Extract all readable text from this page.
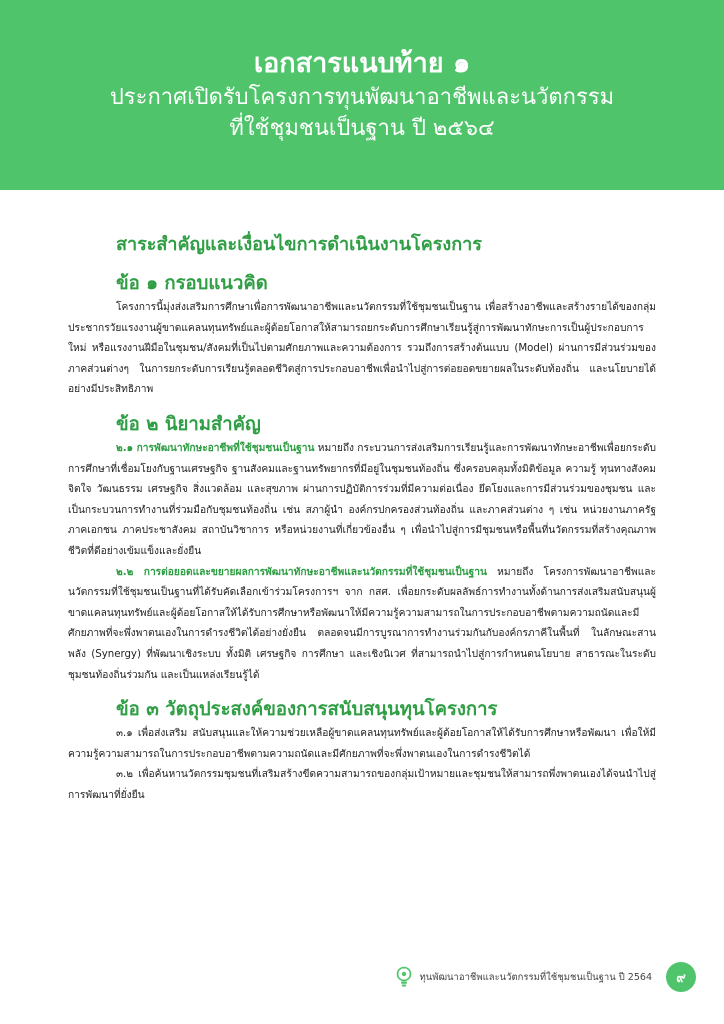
เอกสารแนบท้าย ๑
ประกาศเปิดรับโครงการทุนพัฒนาอาชีพและนวัตกรรม
ที่ใช้ชุมชนเป็นฐาน ปี ๒๕๖๔
สาระสำคัญและเงื่อนไขการดำเนินงานโครงการ
ข้อ ๑ กรอบแนวคิด

โครงการนี้มุ่งส่งเสริมการศึกษาเพื่อการพัฒนาอาชีพและนวัตกรรมที่ใช้ชุมชนเป็นฐาน เพื่อสร้างอาชีพและสร้างรายได้ของกลุ่มประชากรวัยแรงงานผู้ขาดแคลนทุนทรัพย์และผู้ด้อยโอกาสให้สามารถยกระดับการศึกษาเรียนรู้สู่การพัฒนาทักษะการเป็นผู้ประกอบการใหม่ หรือแรงงานฝีมือในชุมชน/สังคมที่เป็นไปตามศักยภาพและความต้องการ รวมถึงการสร้างต้นแบบ (Model) ผ่านการมีส่วนร่วมของภาคส่วนต่างๆ ในการยกระดับการเรียนรู้ตลอดชีวิตสู่การประกอบอาชีพเพื่อนำไปสู่การต่อยอดขยายผลในระดับท้องถิ่น และนโยบายได้อย่างมีประสิทธิภาพ

ข้อ ๒ นิยามสำคัญ

๒.๑ การพัฒนาทักษะอาชีพที่ใช้ชุมชนเป็นฐาน หมายถึง กระบวนการส่งเสริมการเรียนรู้และการพัฒนาทักษะอาชีพเพื่อยกระดับการศึกษาที่เชื่อมโยงกับฐานเศรษฐกิจ ฐานสังคมและฐานทรัพยากรที่มีอยู่ในชุมชนท้องถิ่น ซึ่งครอบคลุมทั้งมิติข้อมูล ความรู้ ทุนทางสังคม จิตใจ วัฒนธรรม เศรษฐกิจ สิ่งแวดล้อม และสุขภาพ ผ่านการปฏิบัติการร่วมที่มีความต่อเนื่อง ยึดโยงและการมีส่วนร่วมของชุมชน และเป็นกระบวนการทำงานที่ร่วมมือกับชุมชนท้องถิ่น เช่น สภาผู้นำ องค์กรปกครองส่วนท้องถิ่น และภาคส่วนต่าง ๆ เช่น หน่วยงานภาครัฐ ภาคเอกชน ภาคประชาสังคม สถาบันวิชาการ หรือหน่วยงานที่เกี่ยวข้องอื่น ๆ เพื่อนำไปสู่การมีชุมชนหรือพื้นที่นวัตกรรมที่สร้างคุณภาพชีวิตที่ดีอย่างเข้มแข็งและยั่งยืน

๒.๒ การต่อยอดและขยายผลการพัฒนาทักษะอาชีพและนวัตกรรมที่ใช้ชุมชนเป็นฐาน หมายถึง โครงการพัฒนาอาชีพและนวัตกรรมที่ใช้ชุมชนเป็นฐานที่ได้รับคัดเลือกเข้าร่วมโครงการฯ จาก กสศ. เพื่อยกระดับผลลัพธ์การทำงานทั้งด้านการส่งเสริมสนับสนุนผู้ขาดแคลนทุนทรัพย์และผู้ด้อยโอกาสให้ได้รับการศึกษาหรือพัฒนาให้มีความรู้ความสามารถในการประกอบอาชีพตามความถนัดและมีศักยภาพที่จะพึ่งพาตนเองในการดำรงชีวิตได้อย่างยั่งยืน ตลอดจนมีการบูรณาการทำงานร่วมกันกับองค์กรภาคีในพื้นที่ ในลักษณะสานพลัง (Synergy) ที่พัฒนาเชิงระบบ ทั้งมิติ เศรษฐกิจ การศึกษา และเชิงนิเวศ ที่สามารถนำไปสู่การกำหนดนโยบาย สาธารณะในระดับชุมชนท้องถิ่นร่วมกัน และเป็นแหล่งเรียนรู้ได้

ข้อ ๓ วัตถุประสงค์ของการสนับสนุนทุนโครงการ

๓.๑ เพื่อส่งเสริม สนับสนุนและให้ความช่วยเหลือผู้ขาดแคลนทุนทรัพย์และผู้ด้อยโอกาสให้ได้รับการศึกษาหรือพัฒนา เพื่อให้มีความรู้ความสามารถในการประกอบอาชีพตามความถนัดและมีศักยภาพที่จะพึ่งพาตนเองในการดำรงชีวิตได้

๓.๒ เพื่อค้นหานวัตกรรมชุมชนที่เสริมสร้างขีดความสามารถของกลุ่มเป้าหมายและชุมชนให้สามารถพึ่งพาตนเองได้จนนำไปสู่การพัฒนาที่ยั่งยืน

ทุนพัฒนาอาชีพและนวัตกรรมที่ใช้ชุมชนเป็นฐาน ปี 2564	๙
